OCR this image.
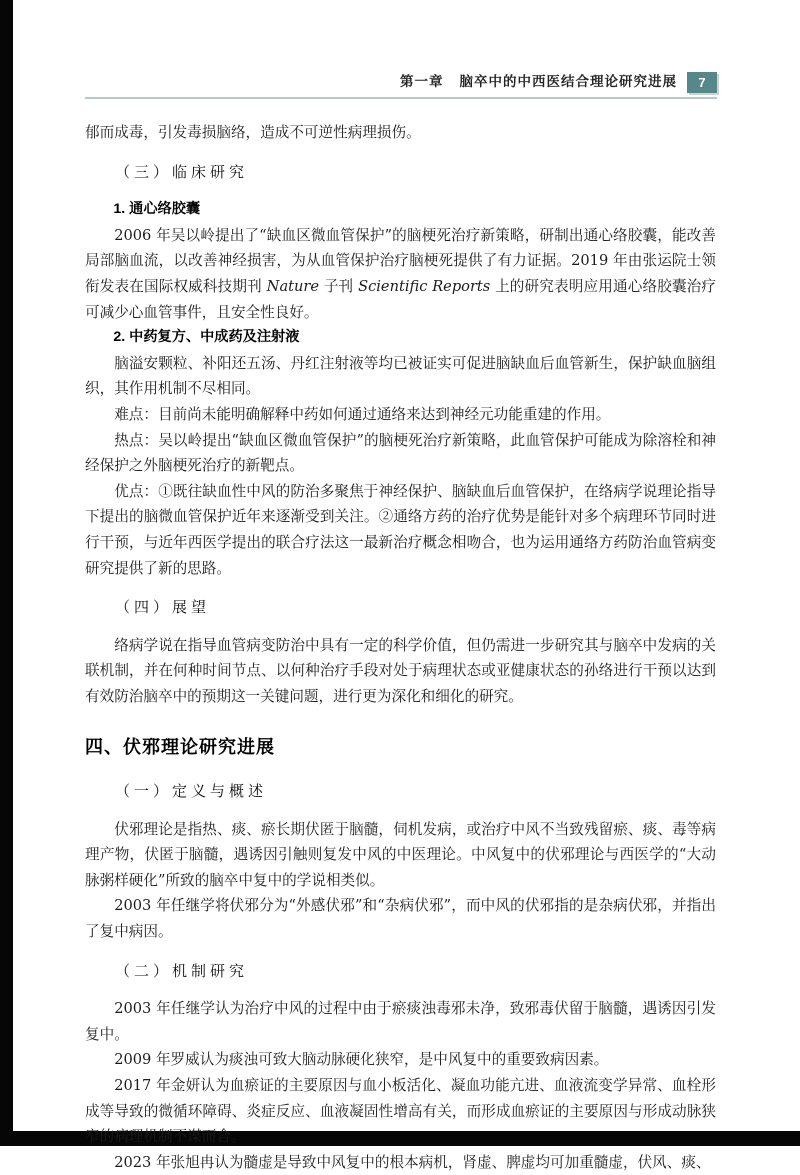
第一章 脑卒中的中西医结合理论研究进展	7

郁而成毒，引发毒损脑络，造成不可逆性病理损伤。

（三）临床研究

1. 通心络胶囊

2006 年吴以岭提出了“缺血区微血管保护”的脑梗死治疗新策略，研制出通心络胶囊，能改善局部脑血流，以改善神经损害，为从血管保护治疗脑梗死提供了有力证据。2019 年由张运院士领衔发表在国际权威科技期刊 Nature 子刊 Scientific Reports 上的研究表明应用通心络胶囊治疗可减少心血管事件，且安全性良好。

2. 中药复方、中成药及注射液

脑溢安颗粒、补阳还五汤、丹红注射液等均已被证实可促进脑缺血后血管新生，保护缺血脑组织，其作用机制不尽相同。

难点：目前尚未能明确解释中药如何通过通络来达到神经元功能重建的作用。

热点：吴以岭提出“缺血区微血管保护”的脑梗死治疗新策略，此血管保护可能成为除溶栓和神经保护之外脑梗死治疗的新靶点。

优点：①既往缺血性中风的防治多聚焦于神经保护、脑缺血后血管保护，在络病学说理论指导下提出的脑微血管保护近年来逐渐受到关注。②通络方药的治疗优势是能针对多个病理环节同时进行干预，与近年西医学提出的联合疗法这一最新治疗概念相吻合，也为运用通络方药防治血管病变研究提供了新的思路。

（四）展望

络病学说在指导血管病变防治中具有一定的科学价值，但仍需进一步研究其与脑卒中发病的关联机制，并在何种时间节点、以何种治疗手段对处于病理状态或亚健康状态的孙络进行干预以达到有效防治脑卒中的预期这一关键问题，进行更为深化和细化的研究。

四、伏邪理论研究进展

（一）定义与概述

伏邪理论是指热、痰、瘀长期伏匿于脑髓，伺机发病，或治疗中风不当致残留瘀、痰、毒等病理产物，伏匿于脑髓，遇诱因引触则复发中风的中医理论。中风复中的伏邪理论与西医学的“大动脉粥样硬化”所致的脑卒中复中的学说相类似。

2003 年任继学将伏邪分为“外感伏邪”和“杂病伏邪”，而中风的伏邪指的是杂病伏邪，并指出了复中病因。

（二）机制研究

2003 年任继学认为治疗中风的过程中由于瘀痰浊毒邪未净，致邪毒伏留于脑髓，遇诱因引发复中。

2009 年罗威认为痰浊可致大脑动脉硬化狭窄，是中风复中的重要致病因素。

2017 年金妍认为血瘀证的主要原因与血小板活化、凝血功能亢进、血液流变学异常、血栓形成等导致的微循环障碍、炎症反应、血液凝固性增高有关，而形成血瘀证的主要原因与形成动脉狭窄的病理机制不谋而合。

2023 年张旭冉认为髓虚是导致中风复中的根本病机，肾虚、脾虚均可加重髓虚，伏风、痰、
